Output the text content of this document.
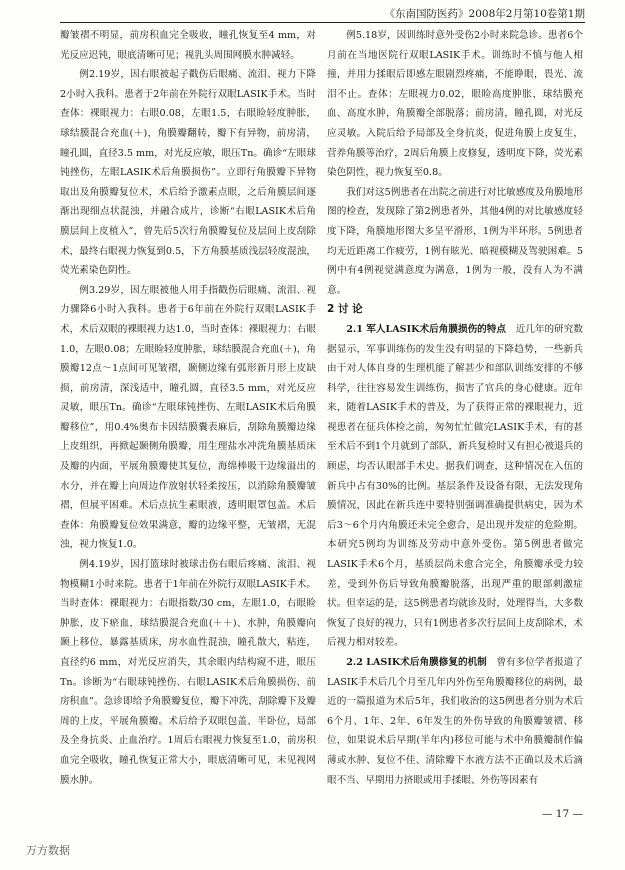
《东南国防医药》2008年2月第10卷第1期

瓣皱褶不明显，前房积血完全吸收，瞳孔恢复至4 mm，对光反应迟钝，眼底清晰可见；视乳头周围网膜水肿减轻。

例2.19岁，因右眼被起子戳伤后眼痛、流泪、视力下降2小时入我科。患者于2年前在外院行双眼LASIK手术。当时查体：裸眼视力：右眼0.08，左眼1.5，右眼睑轻度肿胀，球结膜混合充血(＋)，角膜瓣翻转，瓣下有异物，前房清，瞳孔圆，直径3.5 mm，对光反应敏，眼压Tn。确诊“左眼球钝挫伤，左眼LASIK术后角膜损伤”。立即行角膜瓣下异物取出及角膜瓣复位术，术后给予激素点眼，之后角膜层间逐渐出现细点状混浊，并融合成片，诊断“右眼LASIK术后角膜层间上皮植入”，曾先后5次行角膜瓣复位及层间上皮刮除术，最终右眼视力恢复到0.5，下方角膜基质浅层轻度混浊，荧光素染色阴性。

例3.29岁，因左眼被他人用手指戳伤后眼痛、流泪、视力骤降6小时入我科。患者于6年前在外院行双眼LASIK手术，术后双眼的裸眼视力达1.0，当时查体：裸眼视力：右眼1.0，左眼0.08；左眼睑轻度肿胀，球结膜混合充血(＋)，角膜瓣12点～1点间可见皱褶，颞侧边缘有弧形新月形上皮缺损，前房清，深浅适中，瞳孔圆，直径3.5 mm，对光反应灵敏，眼压Tn。确诊“左眼球钝挫伤、左眼LASIK术后角膜瓣移位”，用0.4%奥布卡因结膜囊表麻后，刮除角膜瓣边缘上皮组织，再掀起颞侧角膜瓣，用生理盐水冲洗角膜基质床及瓣的内面，平展角膜瓣使其复位，海绵棒吸干边缘溢出的水分，并在瓣上向周边作放射状轻柔按压，以消除角膜瓣皱褶，但展平困难。术后点抗生素眼液，透明眼罩包盖。术后查体：角膜瓣复位效果满意，瓣的边缘平整，无皱褶，无混浊，视力恢复1.0。

例4.19岁，因打篮球时被球击伤右眼后疼痛、流泪、视物模糊1小时来院。患者于1年前在外院行双眼LASIK手术。当时查体：裸眼视力：右眼指数/30 cm，左眼1.0，右眼睑肿胀，皮下瘀血，球结膜混合充血(＋＋)、水肿，角膜瓣向颞上移位，暴露基质床，房水血性混浊，瞳孔散大，粘连，直径约6 mm，对光反应消失，其余眼内结构窥不进，眼压Tn。诊断为“右眼球钝挫伤、右眼LASIK术后角膜损伤、前房积血”。急诊即给予角膜瓣复位，瓣下冲洗，刮除瓣下及瓣周的上皮，平展角膜瓣。术后给予双眼包盖、半卧位，局部及全身抗炎、止血治疗。1周后右眼视力恢复至1.0，前房积血完全吸收，瞳孔恢复正常大小，眼底清晰可见，未见视网膜水肿。

例5.18岁，因训练时意外受伤2小时来院急诊。患者6个月前在当地医院行双眼LASIK手术。训练时不慎与他人相撞，并用力揉眼后即感左眼剧烈疼痛，不能睁眼，畏光、流泪不止。查体：左眼视力0.02，眼睑高度肿胀，球结膜充血、高度水肿，角膜瓣全部脱落；前房清，瞳孔圆，对光反应灵敏。入院后给予局部及全身抗炎，促进角膜上皮复生，营养角膜等治疗，2周后角膜上皮修复，透明度下降，荧光素染色阴性，视力恢复至0.8。

我们对这5例患者在出院之前进行对比敏感度及角膜地形图的检查，发现除了第2例患者外，其他4例的对比敏感度轻度下降，角膜地形图大多呈平滑形，1例为半环形。5例患者均无近距离工作疲劳，1例有眩光、暗视模糊及驾驶困难。5例中有4例视觉满意度为满意，1例为一般，没有人为不满意。

2 讨 论

2.1 军人LASIK术后角膜损伤的特点　 近几年的研究数据显示，军事训练伤的发生没有明显的下降趋势，一些新兵由于对人体自身的生理机能了解甚少和部队训练安排的不够科学，往往容易发生训练伤，损害了官兵的身心健康。近年来，随着LASIK手术的普及，为了获得正常的裸眼视力，近视患者在征兵体检之前，匆匆忙忙做完LASIK手术，有的甚至术后不到1个月就到了部队，新兵复检时又有担心被退兵的顾虑，均否认眼部手术史。据我们调查，这种情况在入伍的新兵中占有30%的比例。基层条件及设备有限，无法发现角膜情况，因此在新兵连中要特别强调准确提供病史，因为术后3～6个月内角膜还未完全愈合，是出现并发症的危险期。本研究5例均为训练及劳动中意外受伤。第5例患者做完LASIK手术6个月，基质层尚未愈合完全，角膜瓣承受力较差，受到外伤后导致角膜瓣脱落，出现严重的眼部刺激症状。但幸运的是，这5例患者均就诊及时，处理得当，大多数恢复了良好的视力，只有1例患者多次行层间上皮刮除术，术后视力相对较差。

2.2 LASIK术后角膜修复的机制　 曾有多位学者报道了LASIK手术后几个月至几年内外伤至角膜瓣移位的病例，最近的一篇报道为术后5年，我们收治的这5例患者分别为术后6个月、1年、2年、6年发生的外伤导致的角膜瓣皱褶、移位，如果说术后早期(半年内)移位可能与术中角膜瓣制作偏薄或水肿、复位不佳、清除瓣下水液方法不正确以及术后滴眼不当、早期用力挤眼或用手揉眼、外伤等因素有

— 17 —
万方数据
